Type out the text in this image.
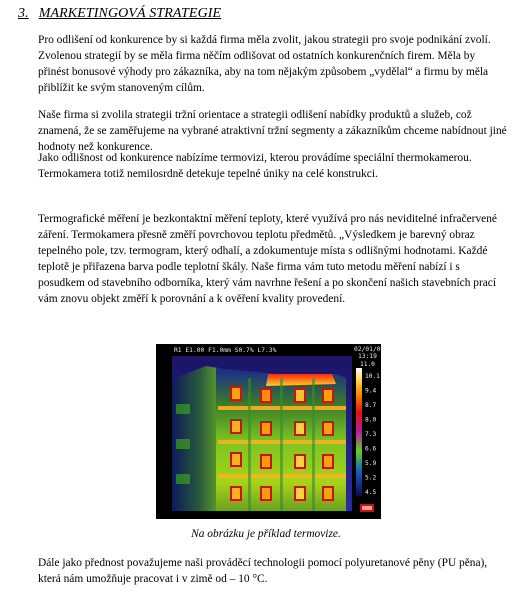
3. MARKETINGOVÁ STRATEGIE

Pro odlišení od konkurence by si každá firma měla zvolit, jakou strategii pro svoje podnikání zvolí. Zvolenou strategií by se měla firma něčím odlišovat od ostatních konkurenčních firem. Měla by přinést bonusové výhody pro zákazníka, aby na tom nějakým způsobem „vydělal“ a firmu by měla přiblížit ke svým stanoveným cílům.

Naše firma si zvolila strategii tržní orientace a strategii odlišení nabídky produktů a služeb, což znamená, že se zaměřujeme na vybrané atraktivní tržní segmenty a zákazníkům chceme nabídnout jiné hodnoty než konkurence.

Jako odlišnost od konkurence nabízíme termovizi, kterou provádíme speciální thermokamerou. Termokamera totiž nemilosrdně detekuje tepelné úniky na celé konstrukci.

Termografické měření je bezkontaktní měření teploty, které využívá pro nás neviditelné infračervené záření. Termokamera přesně změří povrchovou teplotu předmětů. „Výsledkem je barevný obraz tepelného pole, tzv. termogram, který odhalí, a zdokumentuje místa s odlišnými hodnotami. Každé teplotě je přiřazena barva podle teplotní škály. Naše firma vám tuto metodu měření nabízí i s posudkem od stavebního odborníka, který vám navrhne řešení a po skončení našich stavebních prací vám znovu objekt změří k porovnání a k ověření kvality provedení.

R1 E1.00 F1.0mm S0.7% L7.3%	02/01/09
13:19
11.0
10.1
9.4
8.7
8.0
7.3
6.6
5.9
5.2
4.5
Na obrázku je příklad termovize.

Dále jako přednost považujeme naši prováděcí technologii pomocí polyuretanové pěny (PU pěna), která nám umožňuje pracovat i v zimě od – 10 °C.
